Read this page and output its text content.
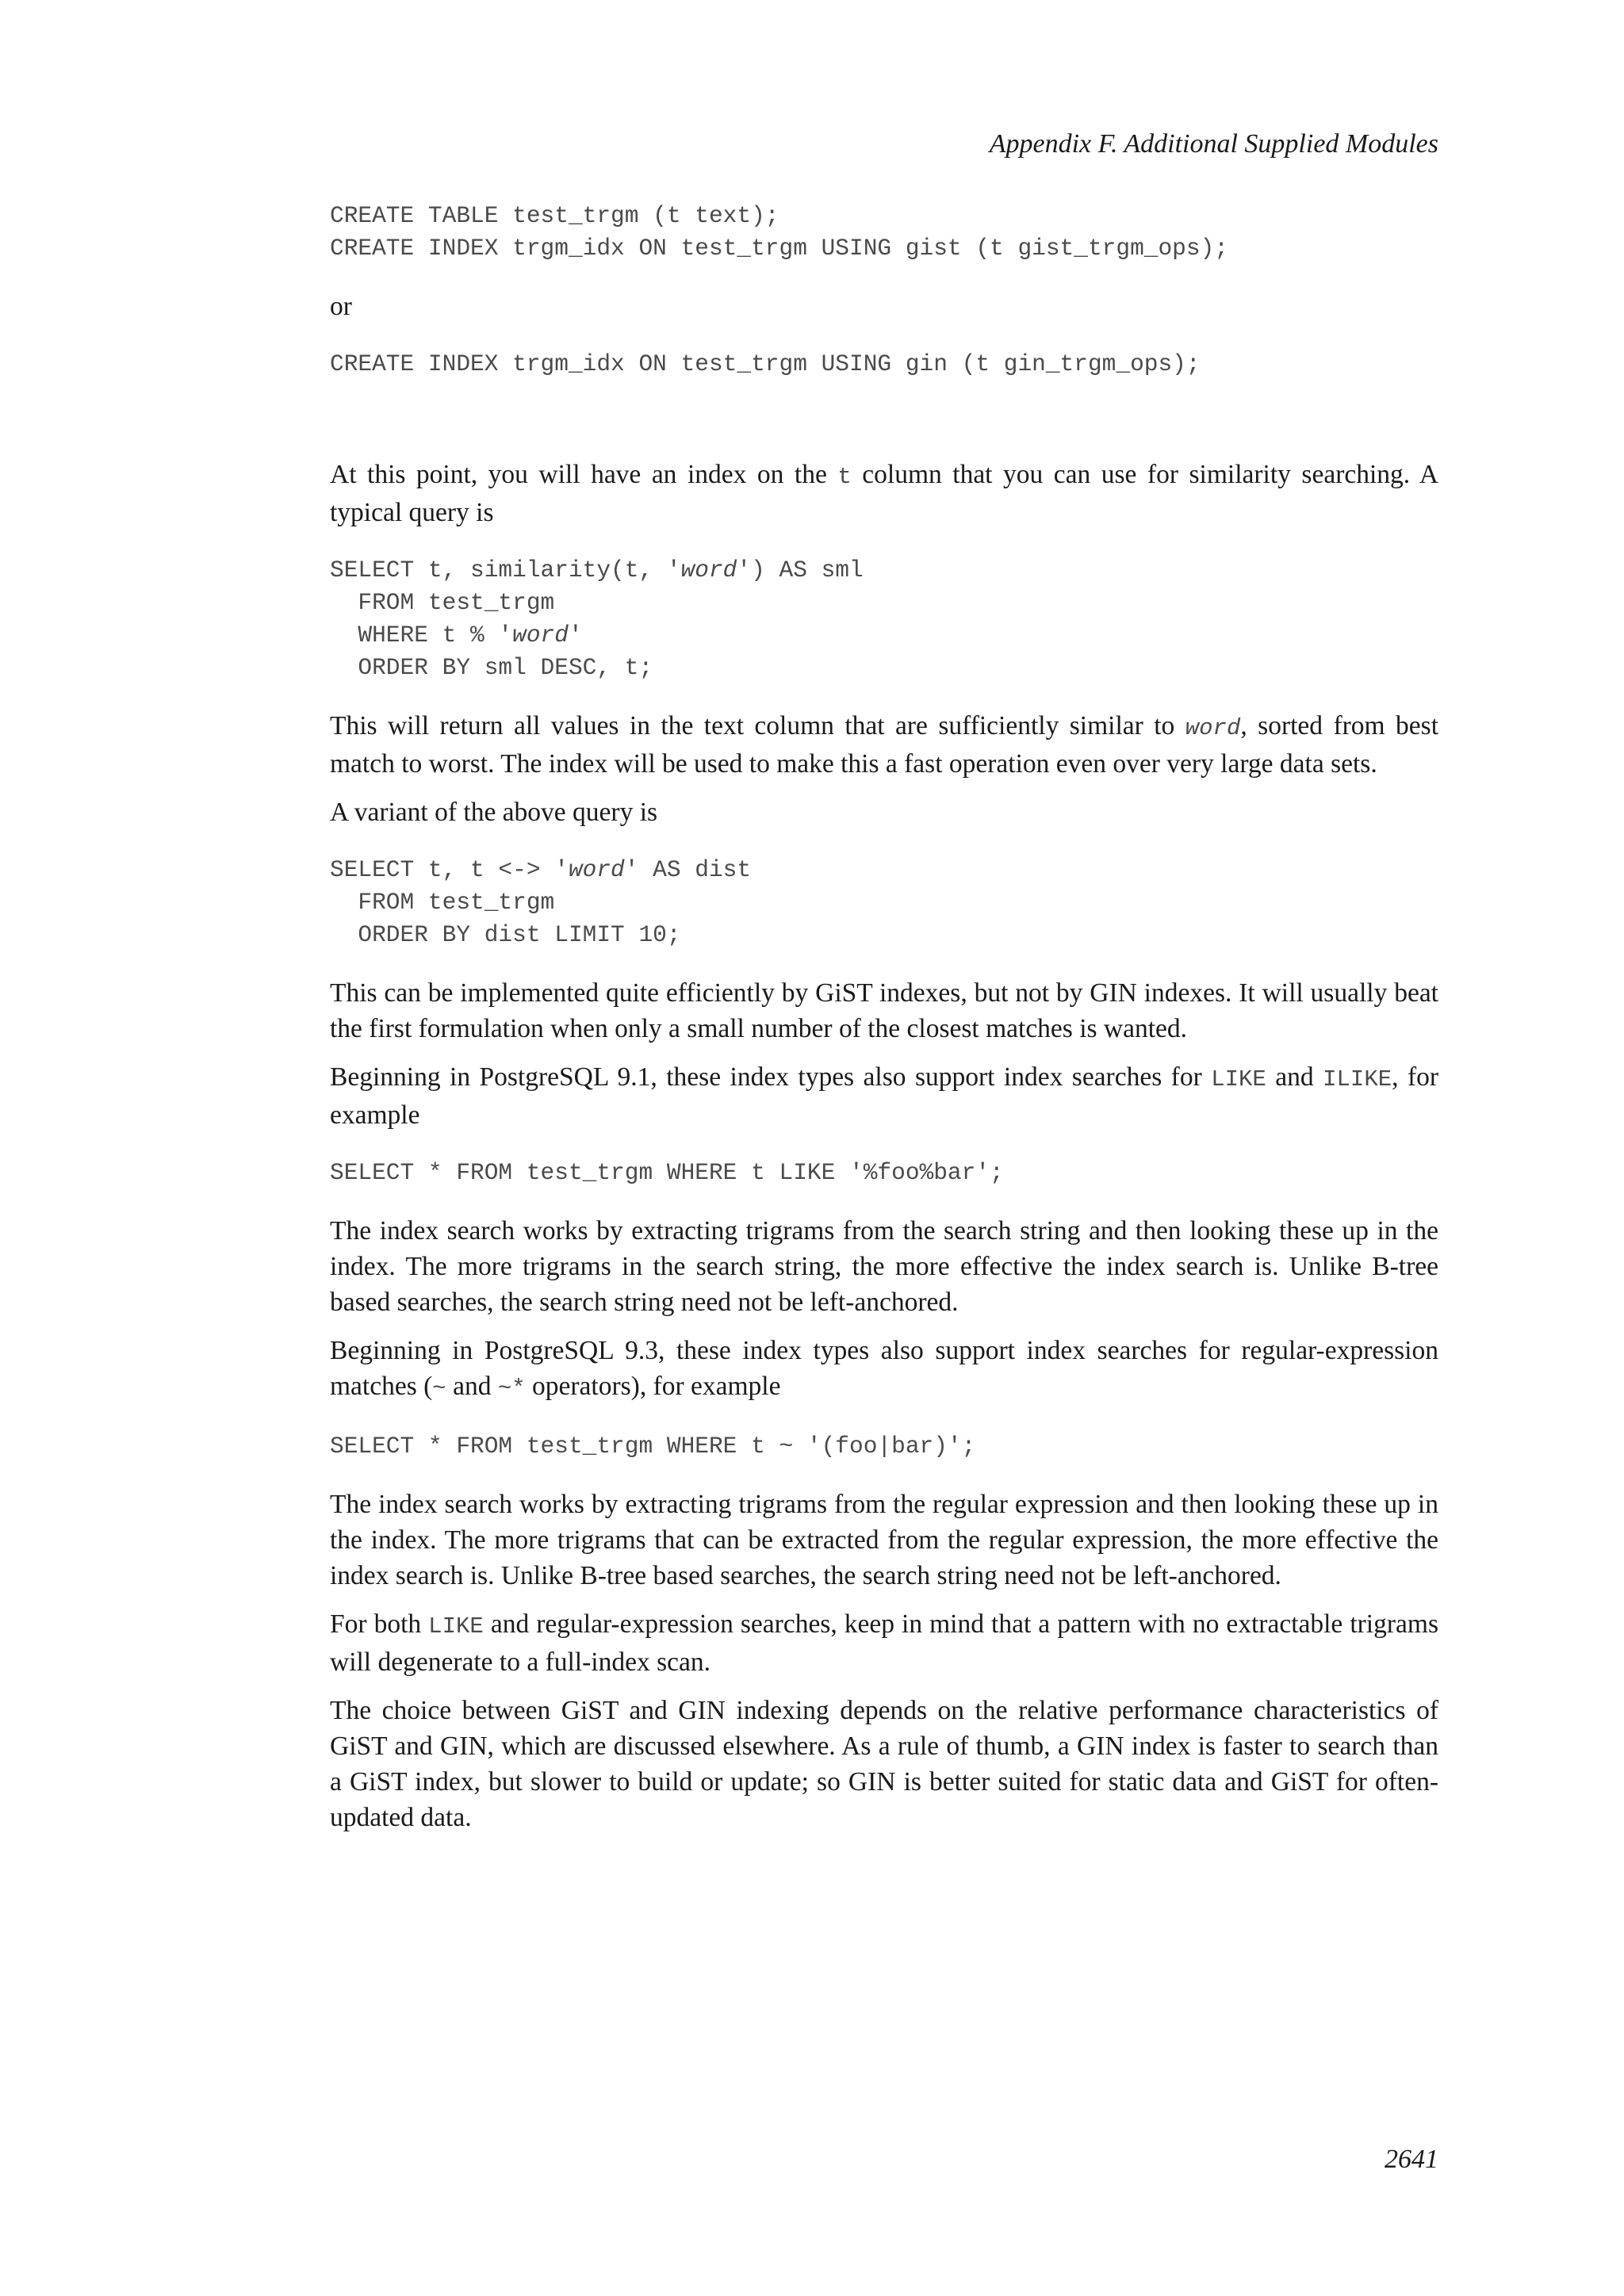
Appendix F. Additional Supplied Modules
CREATE TABLE test_trgm (t text);
CREATE INDEX trgm_idx ON test_trgm USING gist (t gist_trgm_ops);

or

CREATE INDEX trgm_idx ON test_trgm USING gin (t gin_trgm_ops);

At this point, you will have an index on the t column that you can use for similarity searching. A typical query is

SELECT t, similarity(t, 'word') AS sml
FROM test_trgm
WHERE t % 'word'
ORDER BY sml DESC, t;

This will return all values in the text column that are sufficiently similar to word, sorted from best match to worst. The index will be used to make this a fast operation even over very large data sets.

A variant of the above query is

SELECT t, t <-> 'word' AS dist
FROM test_trgm
ORDER BY dist LIMIT 10;

This can be implemented quite efficiently by GiST indexes, but not by GIN indexes. It will usually beat the first formulation when only a small number of the closest matches is wanted.

Beginning in PostgreSQL 9.1, these index types also support index searches for LIKE and ILIKE, for example

SELECT * FROM test_trgm WHERE t LIKE '%foo%bar';

The index search works by extracting trigrams from the search string and then looking these up in the index. The more trigrams in the search string, the more effective the index search is. Unlike B-tree based searches, the search string need not be left-anchored.

Beginning in PostgreSQL 9.3, these index types also support index searches for regular-expression matches (~ and ~* operators), for example

SELECT * FROM test_trgm WHERE t ~ '(foo|bar)';

The index search works by extracting trigrams from the regular expression and then looking these up in the index. The more trigrams that can be extracted from the regular expression, the more effective the index search is. Unlike B-tree based searches, the search string need not be left-anchored.

For both LIKE and regular-expression searches, keep in mind that a pattern with no extractable trigrams will degenerate to a full-index scan.

The choice between GiST and GIN indexing depends on the relative performance characteristics of GiST and GIN, which are discussed elsewhere. As a rule of thumb, a GIN index is faster to search than a GiST index, but slower to build or update; so GIN is better suited for static data and GiST for often-updated data.

2641
